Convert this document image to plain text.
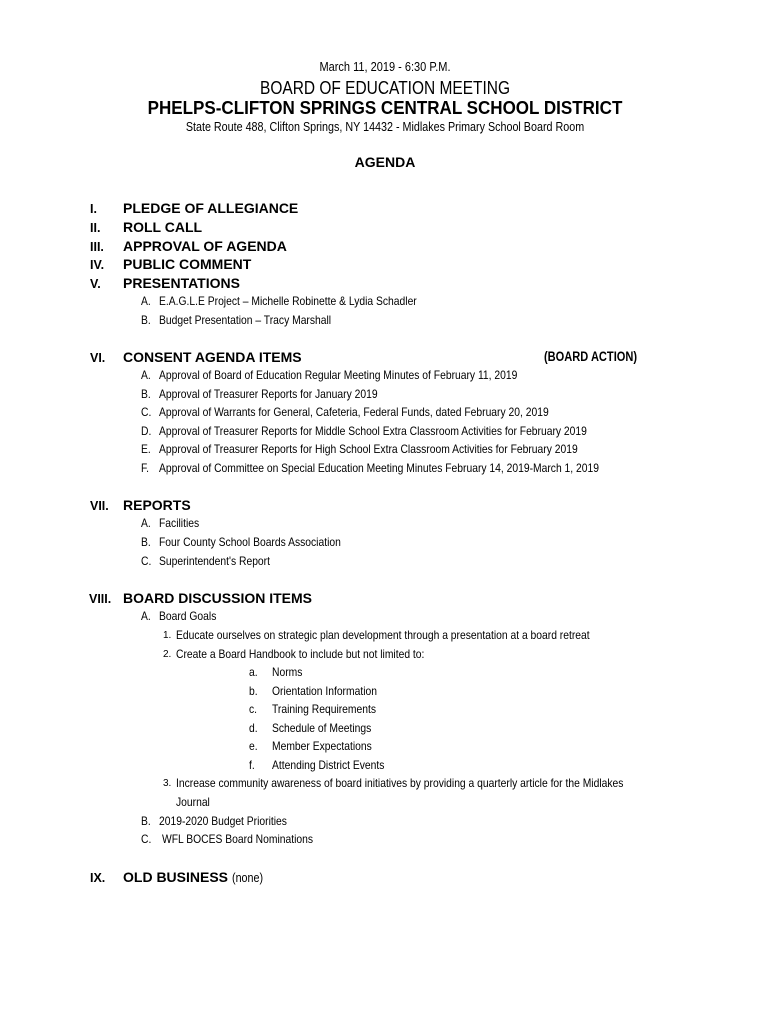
March 11, 2019 - 6:30 P.M.
BOARD OF EDUCATION MEETING
PHELPS-CLIFTON SPRINGS CENTRAL SCHOOL DISTRICT
State Route 488, Clifton Springs, NY 14432 - Midlakes Primary School Board Room
AGENDA
I. PLEDGE OF ALLEGIANCE
II. ROLL CALL
III. APPROVAL OF AGENDA
IV. PUBLIC COMMENT
V. PRESENTATIONS
A. E.A.G.L.E Project – Michelle Robinette & Lydia Schadler
B. Budget Presentation – Tracy Marshall
VI. CONSENT AGENDA ITEMS	(BOARD ACTION)
A. Approval of Board of Education Regular Meeting Minutes of February 11, 2019
B. Approval of Treasurer Reports for January 2019
C. Approval of Warrants for General, Cafeteria, Federal Funds, dated February 20, 2019
D. Approval of Treasurer Reports for Middle School Extra Classroom Activities for February 2019
E. Approval of Treasurer Reports for High School Extra Classroom Activities for February 2019
F. Approval of Committee on Special Education Meeting Minutes February 14, 2019-March 1, 2019
VII. REPORTS
A. Facilities
B. Four County School Boards Association
C. Superintendent's Report
VIII. BOARD DISCUSSION ITEMS
A. Board Goals
1. Educate ourselves on strategic plan development through a presentation at a board retreat
2. Create a Board Handbook to include but not limited to:
a. Norms
b. Orientation Information
c. Training Requirements
d. Schedule of Meetings
e. Member Expectations
f. Attending District Events
3. Increase community awareness of board initiatives by providing a quarterly article for the Midlakes
Journal
B. 2019-2020 Budget Priorities
C. WFL BOCES Board Nominations
IX. OLD BUSINESS (none)
